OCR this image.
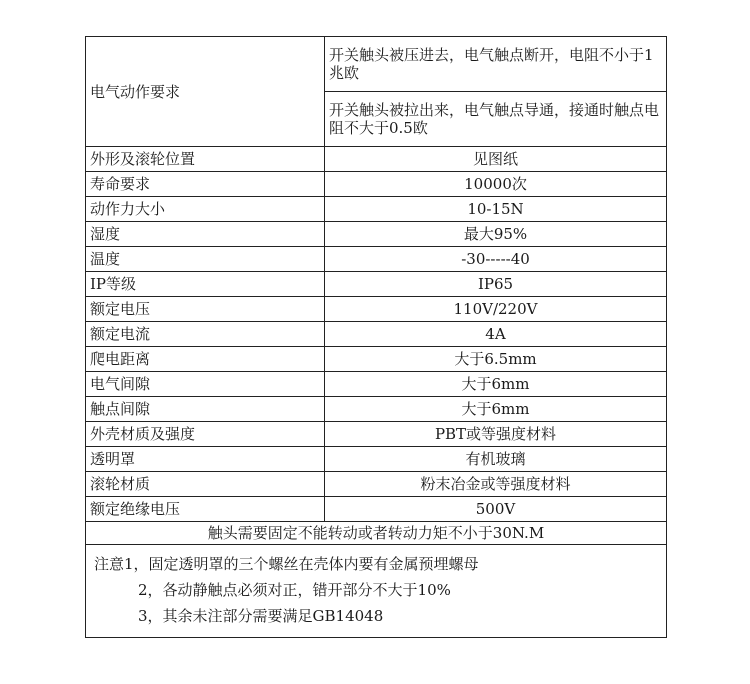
电气动作要求	开关触头被压进去，电气触点断开，电阻不小于1兆欧
	开关触头被拉出来，电气触点导通，接通时触点电阻不大于0.5欧
外形及滚轮位置	见图纸
寿命要求	10000次
动作力大小	10-15N
湿度	最大95%
温度	-30-----40
IP等级	IP65
额定电压	110V/220V
额定电流	4A
爬电距离	大于6.5mm
电气间隙	大于6mm
触点间隙	大于6mm
外壳材质及强度	PBT或等强度材料
透明罩	有机玻璃
滚轮材质	粉末冶金或等强度材料
额定绝缘电压	500V
触头需要固定不能转动或者转动力矩不小于30N.M	
注意1，固定透明罩的三个螺丝在壳体内要有金属预埋螺母
2，各动静触点必须对正，错开部分不大于10%
3，其余未注部分需要满足GB14048
